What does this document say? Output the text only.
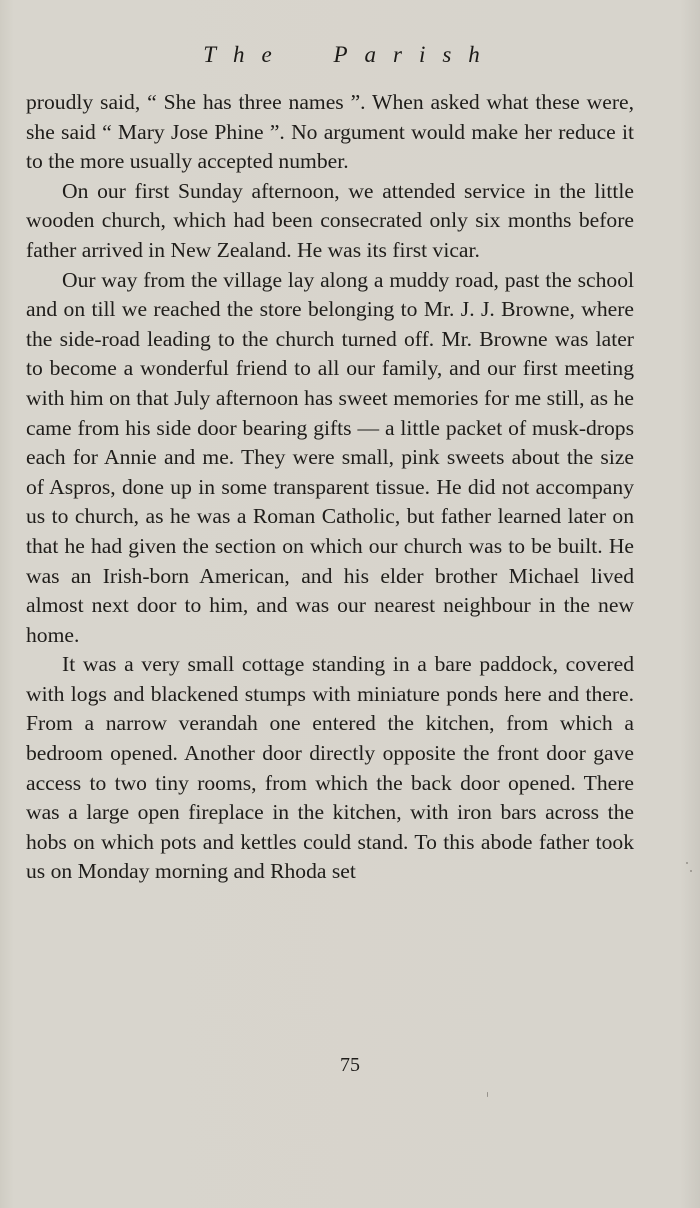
The Parish

proudly said, “ She has three names ”. When asked what these were, she said “ Mary Jose Phine ”. No argument would make her reduce it to the more usually accepted number.

On our first Sunday afternoon, we attended service in the little wooden church, which had been consecrated only six months before father arrived in New Zealand. He was its first vicar.

Our way from the village lay along a muddy road, past the school and on till we reached the store belonging to Mr. J. J. Browne, where the side-road leading to the church turned off. Mr. Browne was later to become a wonderful friend to all our family, and our first meeting with him on that July afternoon has sweet memories for me still, as he came from his side door bearing gifts — a little packet of musk-drops each for Annie and me. They were small, pink sweets about the size of Aspros, done up in some transparent tissue. He did not accompany us to church, as he was a Roman Catholic, but father learned later on that he had given the section on which our church was to be built. He was an Irish-born American, and his elder brother Michael lived almost next door to him, and was our nearest neighbour in the new home.

It was a very small cottage standing in a bare paddock, covered with logs and blackened stumps with miniature ponds here and there. From a narrow verandah one entered the kitchen, from which a bedroom opened. Another door directly opposite the front door gave access to two tiny rooms, from which the back door opened. There was a large open fireplace in the kitchen, with iron bars across the hobs on which pots and kettles could stand. To this abode father took us on Monday morning and Rhoda set

75
